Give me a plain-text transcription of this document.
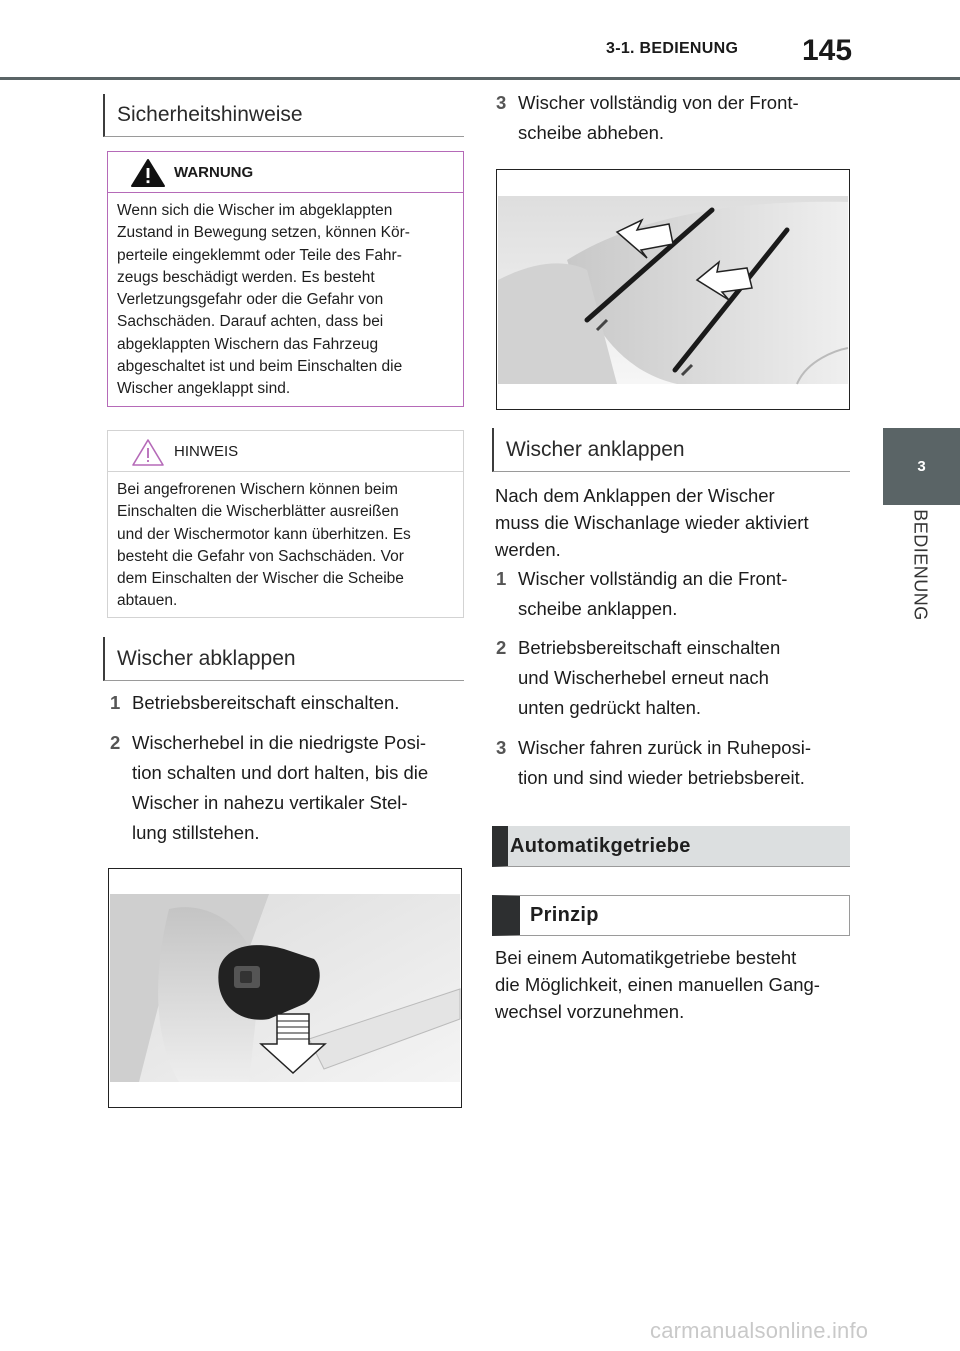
3-1. BEDIENUNG 145
3
BEDIENUNG
Sicherheitshinweise
WARNUNG
Wenn sich die Wischer im abgeklappten
Zustand in Bewegung setzen, können Kör-
perteile eingeklemmt oder Teile des Fahr-
zeugs beschädigt werden. Es besteht
Verletzungsgefahr oder die Gefahr von
Sachschäden. Darauf achten, dass bei
abgeklappten Wischern das Fahrzeug
abgeschaltet ist und beim Einschalten die
Wischer angeklappt sind.
HINWEIS
Bei angefrorenen Wischern können beim
Einschalten die Wischerblätter ausreißen
und der Wischermotor kann überhitzen. Es
besteht die Gefahr von Sachschäden. Vor
dem Einschalten der Wischer die Scheibe
abtauen.
Wischer abklappen
1 Betriebsbereitschaft einschalten.
2 Wischerhebel in die niedrigste Posi-
tion schalten und dort halten, bis die
Wischer in nahezu vertikaler Stel-
lung stillstehen.
3 Wischer vollständig von der Front-
scheibe abheben.
Wischer anklappen
Nach dem Anklappen der Wischer
muss die Wischanlage wieder aktiviert
werden.
1 Wischer vollständig an die Front-
scheibe anklappen.
2 Betriebsbereitschaft einschalten
und Wischerhebel erneut nach
unten gedrückt halten.
3 Wischer fahren zurück in Ruheposi-
tion und sind wieder betriebsbereit.
Automatikgetriebe
Prinzip
Bei einem Automatikgetriebe besteht
die Möglichkeit, einen manuellen Gang-
wechsel vorzunehmen.
carmanualsonline.info
